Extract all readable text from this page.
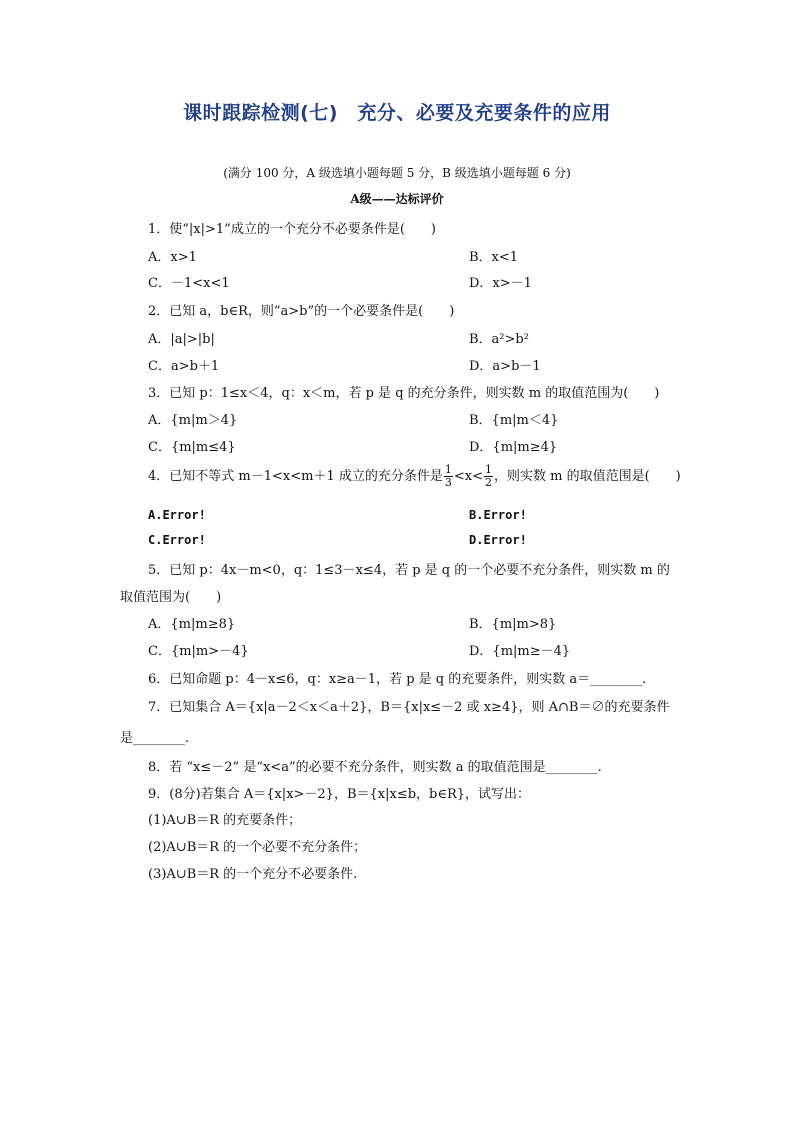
课时跟踪检测(七)　充分、必要及充要条件的应用
(满分 100 分，A 级选填小题每题 5 分，B 级选填小题每题 6 分)
A级——达标评价
1．使“|x|>1”成立的一个充分不必要条件是(　　)
A．x>1	B．x<1
C．－1<x<1	D．x>－1
2．已知 a，b∈R，则“a>b”的一个必要条件是(　　)
A．|a|>|b|	B．a²>b²
C．a>b＋1	D．a>b－1
3．已知 p：1≤x＜4，q：x＜m，若 p 是 q 的充分条件，则实数 m 的取值范围为(　　)
A．{m|m＞4}	B．{m|m＜4}
C．{m|m≤4}	D．{m|m≥4}
4．已知不等式 m－1<x<m＋1 成立的充分条件是 $\frac{1}{3} <x< \frac{1}{2}$ ，则实数 m 的取值范围是(　　)
A.Error!	B.Error!
C.Error!	D.Error!
5．已知 p：4x－m<0，q：1≤3－x≤4，若 p 是 q 的一个必要不充分条件，则实数 m 的
取值范围为(　　)
A．{m|m≥8}	B．{m|m>8}
C．{m|m>－4}	D．{m|m≥－4}
6．已知命题 p：4－x≤6，q：x≥a－1，若 p 是 q 的充要条件，则实数 a＝________.
7．已知集合 A＝{x|a－2＜x＜a＋2}，B＝{x|x≤－2 或 x≥4}，则 A∩B＝∅的充要条件
是________.
8．若 “x≤－2” 是“x<a”的必要不充分条件，则实数 a 的取值范围是________.
9．(8分)若集合 A＝{x|x>－2}，B＝{x|x≤b，b∈R}，试写出：
(1)A∪B＝R 的充要条件；
(2)A∪B＝R 的一个必要不充分条件；
(3)A∪B＝R 的一个充分不必要条件.
